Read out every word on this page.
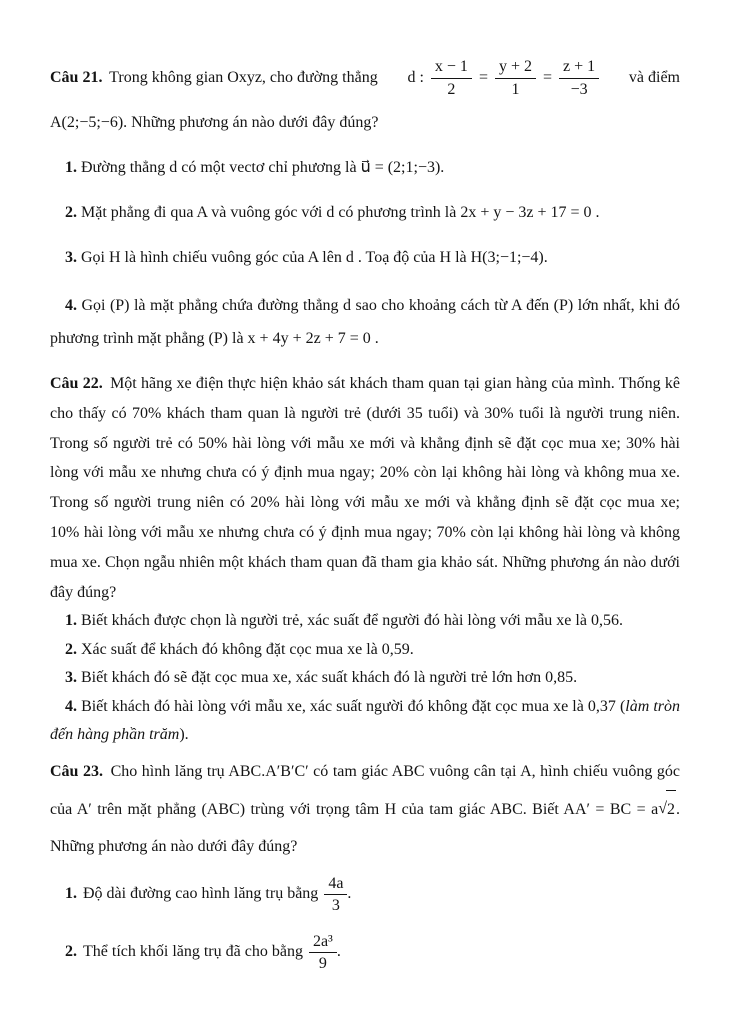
Câu 21. Trong không gian Oxyz, cho đường thẳng d : $\frac{x - 1}{2} = \frac{y + 2}{1} = \frac{z + 1}{-3}$ và điểm

A(2;−5;−6). Những phương án nào dưới đây đúng?

1. Đường thẳng d có một vectơ chỉ phương là u⃗ = (2;1;−3).

2. Mặt phẳng đi qua A và vuông góc với d có phương trình là 2x + y − 3z + 17 = 0 .

3. Gọi H là hình chiếu vuông góc của A lên d . Toạ độ của H là H(3;−1;−4).

4. Gọi (P) là mặt phẳng chứa đường thẳng d sao cho khoảng cách từ A đến (P) lớn nhất, khi đó phương trình mặt phẳng (P) là x + 4y + 2z + 7 = 0 .

Câu 22. Một hãng xe điện thực hiện khảo sát khách tham quan tại gian hàng của mình. Thống kê cho thấy có 70% khách tham quan là người trẻ (dưới 35 tuổi) và 30% tuổi là người trung niên. Trong số người trẻ có 50% hài lòng với mẫu xe mới và khẳng định sẽ đặt cọc mua xe; 30% hài lòng với mẫu xe nhưng chưa có ý định mua ngay; 20% còn lại không hài lòng và không mua xe. Trong số người trung niên có 20% hài lòng với mẫu xe mới và khẳng định sẽ đặt cọc mua xe; 10% hài lòng với mẫu xe nhưng chưa có ý định mua ngay; 70% còn lại không hài lòng và không mua xe. Chọn ngẫu nhiên một khách tham quan đã tham gia khảo sát. Những phương án nào dưới đây đúng?

1. Biết khách được chọn là người trẻ, xác suất để người đó hài lòng với mẫu xe là 0,56.

2. Xác suất để khách đó không đặt cọc mua xe là 0,59.

3. Biết khách đó sẽ đặt cọc mua xe, xác suất khách đó là người trẻ lớn hơn 0,85.

4. Biết khách đó hài lòng với mẫu xe, xác suất người đó không đặt cọc mua xe là 0,37 (làm tròn đến hàng phần trăm).

Câu 23. Cho hình lăng trụ ABC.A′B′C′ có tam giác ABC vuông cân tại A, hình chiếu vuông góc của A′ trên mặt phẳng (ABC) trùng với trọng tâm H của tam giác ABC. Biết AA′ = BC = a√2. Những phương án nào dưới đây đúng?

1. Độ dài đường cao hình lăng trụ bằng $\frac{4a}{3}$ .

2. Thể tích khối lăng trụ đã cho bằng $\frac{\text{2a³}}{9}$ .
